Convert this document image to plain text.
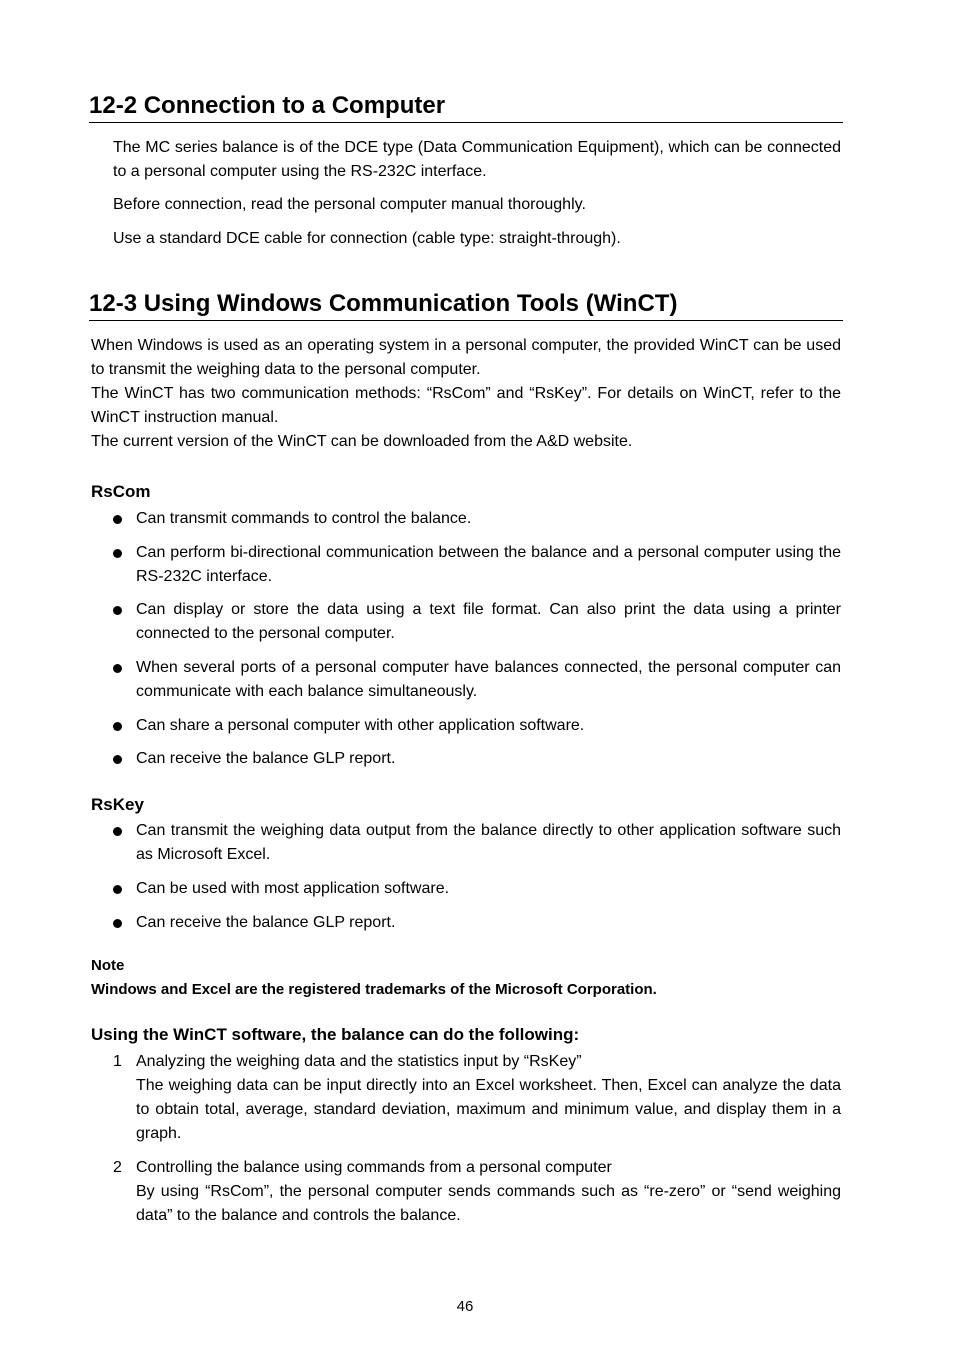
12-2 Connection to a Computer
The MC series balance is of the DCE type (Data Communication Equipment), which can be connected to a personal computer using the RS-232C interface.
Before connection, read the personal computer manual thoroughly.
Use a standard DCE cable for connection (cable type: straight-through).
12-3 Using Windows Communication Tools (WinCT)
When Windows is used as an operating system in a personal computer, the provided WinCT can be used to transmit the weighing data to the personal computer.
The WinCT has two communication methods: “RsCom” and “RsKey”. For details on WinCT, refer to the WinCT instruction manual.
The current version of the WinCT can be downloaded from the A&D website.
RsCom
Can transmit commands to control the balance.
Can perform bi-directional communication between the balance and a personal computer using the RS-232C interface.
Can display or store the data using a text file format. Can also print the data using a printer connected to the personal computer.
When several ports of a personal computer have balances connected, the personal computer can communicate with each balance simultaneously.
Can share a personal computer with other application software.
Can receive the balance GLP report.
RsKey
Can transmit the weighing data output from the balance directly to other application software such as Microsoft Excel.
Can be used with most application software.
Can receive the balance GLP report.
Note
Windows and Excel are the registered trademarks of the Microsoft Corporation.
Using the WinCT software, the balance can do the following:
1 Analyzing the weighing data and the statistics input by “RsKey”
The weighing data can be input directly into an Excel worksheet. Then, Excel can analyze the data to obtain total, average, standard deviation, maximum and minimum value, and display them in a graph.
2 Controlling the balance using commands from a personal computer
By using “RsCom”, the personal computer sends commands such as “re-zero” or “send weighing data” to the balance and controls the balance.
46
